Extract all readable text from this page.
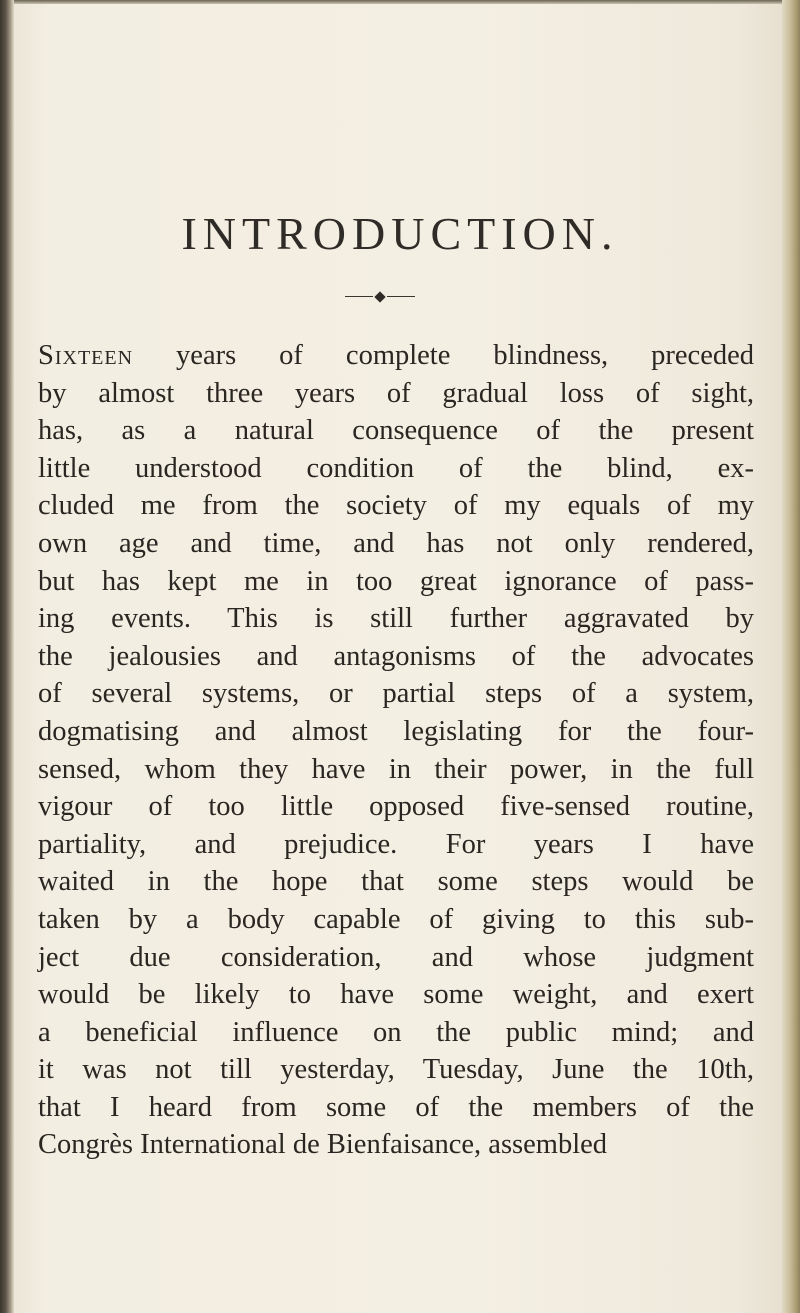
INTRODUCTION.
Sixteen years of complete blindness, preceded
by almost three years of gradual loss of sight,
has, as a natural consequence of the present
little understood condition of the blind, ex-
cluded me from the society of my equals of my
own age and time, and has not only rendered,
but has kept me in too great ignorance of pass-
ing events. This is still further aggravated by
the jealousies and antagonisms of the advocates
of several systems, or partial steps of a system,
dogmatising and almost legislating for the four-
sensed, whom they have in their power, in the full
vigour of too little opposed five-sensed routine,
partiality, and prejudice. For years I have
waited in the hope that some steps would be
taken by a body capable of giving to this sub-
ject due consideration, and whose judgment
would be likely to have some weight, and exert
a beneficial influence on the public mind; and
it was not till yesterday, Tuesday, June the 10th,
that I heard from some of the members of the
Congrès International de Bienfaisance, assembled
